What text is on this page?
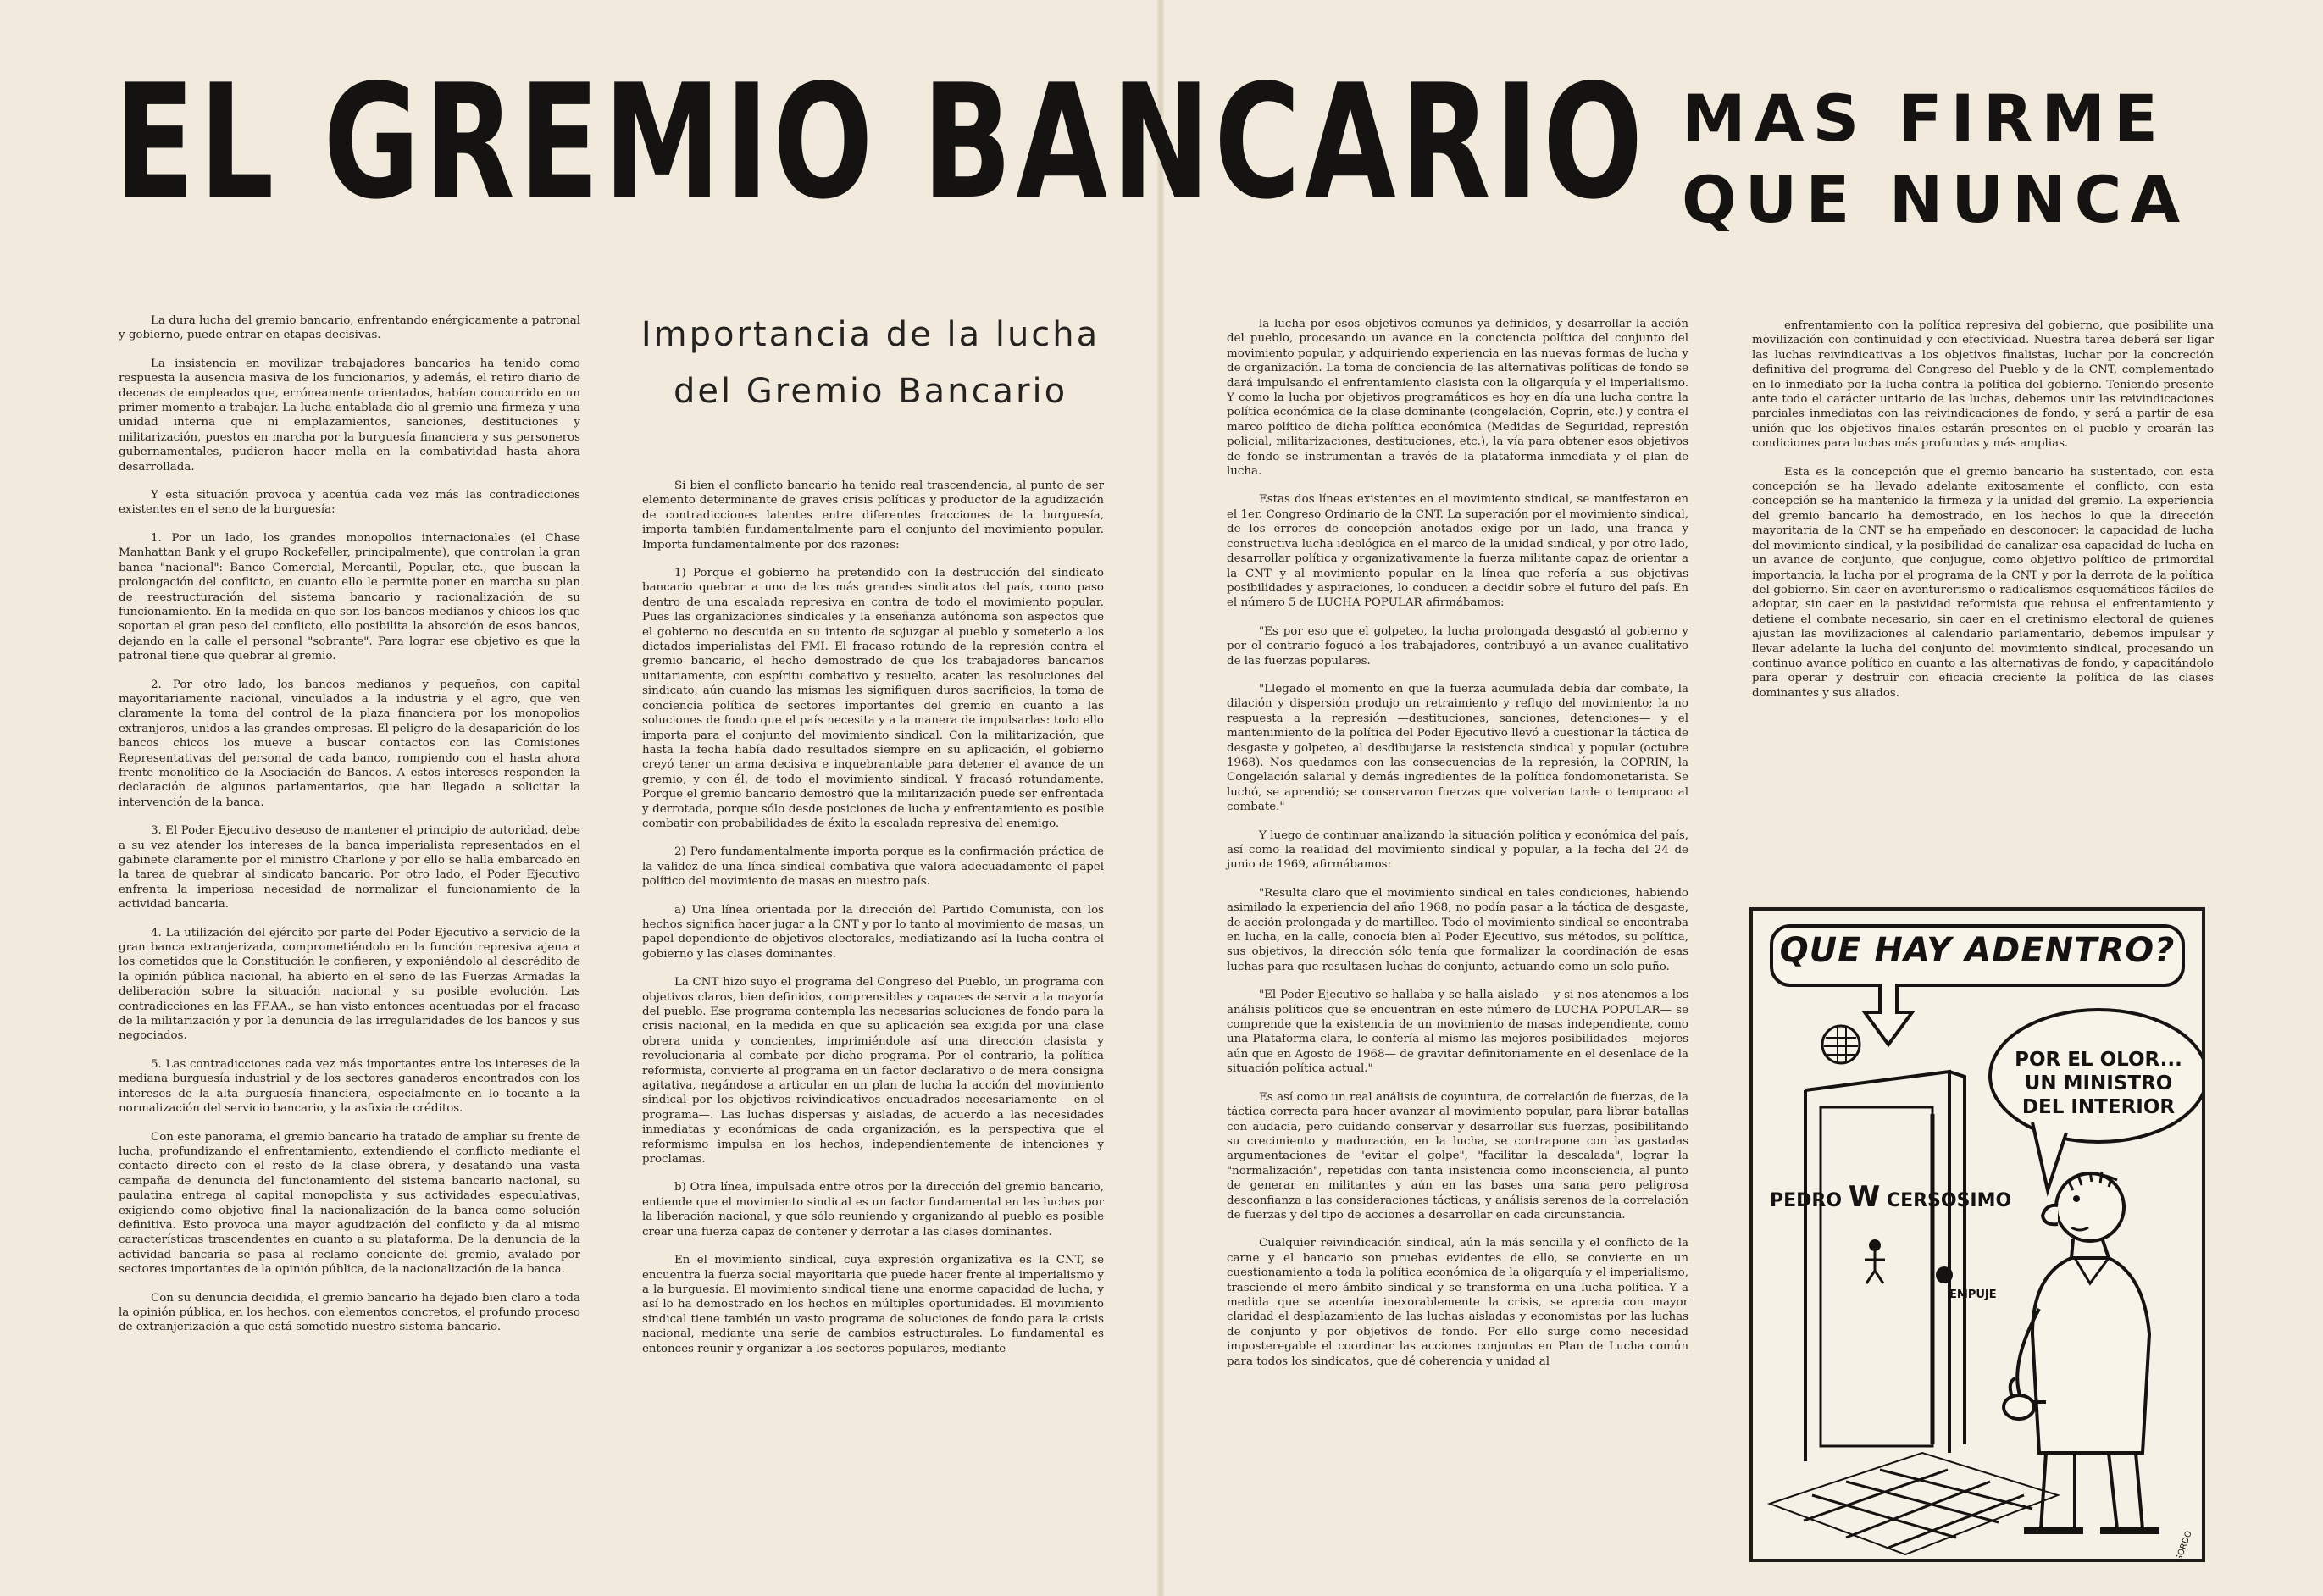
EL GREMIO BANCARIO MAS FIRME
QUE NUNCA

La dura lucha del gremio bancario, enfrentando enérgicamente a patronal y gobierno, puede entrar en etapas decisivas.

La insistencia en movilizar trabajadores bancarios ha tenido como respuesta la ausencia masiva de los funcionarios, y además, el retiro diario de decenas de empleados que, erróneamente orientados, habían concurrido en un primer momento a trabajar. La lucha entablada dio al gremio una firmeza y una unidad interna que ni emplazamientos, sanciones, destituciones y militarización, puestos en marcha por la burguesía financiera y sus personeros gubernamentales, pudieron hacer mella en la combatividad hasta ahora desarrollada.

Y esta situación provoca y acentúa cada vez más las contradicciones existentes en el seno de la burguesía:

1. Por un lado, los grandes monopolios internacionales (el Chase Manhattan Bank y el grupo Rockefeller, principalmente), que controlan la gran banca "nacional": Banco Comercial, Mercantil, Popular, etc., que buscan la prolongación del conflicto, en cuanto ello le permite poner en marcha su plan de reestructuración del sistema bancario y racionalización de su funcionamiento. En la medida en que son los bancos medianos y chicos los que soportan el gran peso del conflicto, ello posibilita la absorción de esos bancos, dejando en la calle el personal "sobrante". Para lograr ese objetivo es que la patronal tiene que quebrar al gremio.

2. Por otro lado, los bancos medianos y pequeños, con capital mayoritariamente nacional, vinculados a la industria y el agro, que ven claramente la toma del control de la plaza financiera por los monopolios extranjeros, unidos a las grandes empresas. El peligro de la desaparición de los bancos chicos los mueve a buscar contactos con las Comisiones Representativas del personal de cada banco, rompiendo con el hasta ahora frente monolítico de la Asociación de Bancos. A estos intereses responden la declaración de algunos parlamentarios, que han llegado a solicitar la intervención de la banca.

3. El Poder Ejecutivo deseoso de mantener el principio de autoridad, debe a su vez atender los intereses de la banca imperialista representados en el gabinete claramente por el ministro Charlone y por ello se halla embarcado en la tarea de quebrar al sindicato bancario. Por otro lado, el Poder Ejecutivo enfrenta la imperiosa necesidad de normalizar el funcionamiento de la actividad bancaria.

4. La utilización del ejército por parte del Poder Ejecutivo a servicio de la gran banca extranjerizada, comprometiéndolo en la función represiva ajena a los cometidos que la Constitución le confieren, y exponiéndolo al descrédito de la opinión pública nacional, ha abierto en el seno de las Fuerzas Armadas la deliberación sobre la situación nacional y su posible evolución. Las contradicciones en las FF.AA., se han visto entonces acentuadas por el fracaso de la militarización y por la denuncia de las irregularidades de los bancos y sus negociados.

5. Las contradicciones cada vez más importantes entre los intereses de la mediana burguesía industrial y de los sectores ganaderos encontrados con los intereses de la alta burguesía financiera, especialmente en lo tocante a la normalización del servicio bancario, y la asfixia de créditos.

Con este panorama, el gremio bancario ha tratado de ampliar su frente de lucha, profundizando el enfrentamiento, extendiendo el conflicto mediante el contacto directo con el resto de la clase obrera, y desatando una vasta campaña de denuncia del funcionamiento del sistema bancario nacional, su paulatina entrega al capital monopolista y sus actividades especulativas, exigiendo como objetivo final la nacionalización de la banca como solución definitiva. Esto provoca una mayor agudización del conflicto y da al mismo características trascendentes en cuanto a su plataforma. De la denuncia de la actividad bancaria se pasa al reclamo conciente del gremio, avalado por sectores importantes de la opinión pública, de la nacionalización de la banca.

Con su denuncia decidida, el gremio bancario ha dejado bien claro a toda la opinión pública, en los hechos, con elementos concretos, el profundo proceso de extranjerización a que está sometido nuestro sistema bancario.

Importancia de la lucha
del Gremio Bancario

Si bien el conflicto bancario ha tenido real trascendencia, al punto de ser elemento determinante de graves crisis políticas y productor de la agudización de contradicciones latentes entre diferentes fracciones de la burguesía, importa también fundamentalmente para el conjunto del movimiento popular. Importa fundamentalmente por dos razones:

1) Porque el gobierno ha pretendido con la destrucción del sindicato bancario quebrar a uno de los más grandes sindicatos del país, como paso dentro de una escalada represiva en contra de todo el movimiento popular. Pues las organizaciones sindicales y la enseñanza autónoma son aspectos que el gobierno no descuida en su intento de sojuzgar al pueblo y someterlo a los dictados imperialistas del FMI. El fracaso rotundo de la represión contra el gremio bancario, el hecho demostrado de que los trabajadores bancarios unitariamente, con espíritu combativo y resuelto, acaten las resoluciones del sindicato, aún cuando las mismas les signifiquen duros sacrificios, la toma de conciencia política de sectores importantes del gremio en cuanto a las soluciones de fondo que el país necesita y a la manera de impulsarlas: todo ello importa para el conjunto del movimiento sindical. Con la militarización, que hasta la fecha había dado resultados siempre en su aplicación, el gobierno creyó tener un arma decisiva e inquebrantable para detener el avance de un gremio, y con él, de todo el movimiento sindical. Y fracasó rotundamente. Porque el gremio bancario demostró que la militarización puede ser enfrentada y derrotada, porque sólo desde posiciones de lucha y enfrentamiento es posible combatir con probabilidades de éxito la escalada represiva del enemigo.

2) Pero fundamentalmente importa porque es la confirmación práctica de la validez de una línea sindical combativa que valora adecuadamente el papel político del movimiento de masas en nuestro país.

a) Una línea orientada por la dirección del Partido Comunista, con los hechos significa hacer jugar a la CNT y por lo tanto al movimiento de masas, un papel dependiente de objetivos electorales, mediatizando así la lucha contra el gobierno y las clases dominantes.

La CNT hizo suyo el programa del Congreso del Pueblo, un programa con objetivos claros, bien definidos, comprensibles y capaces de servir a la mayoría del pueblo. Ese programa contempla las necesarias soluciones de fondo para la crisis nacional, en la medida en que su aplicación sea exigida por una clase obrera unida y concientes, imprimiéndole así una dirección clasista y revolucionaria al combate por dicho programa. Por el contrario, la política reformista, convierte al programa en un factor declarativo o de mera consigna agitativa, negándose a articular en un plan de lucha la acción del movimiento sindical por los objetivos reivindicativos encuadrados necesariamente —en el programa—. Las luchas dispersas y aisladas, de acuerdo a las necesidades inmediatas y económicas de cada organización, es la perspectiva que el reformismo impulsa en los hechos, independientemente de intenciones y proclamas.

b) Otra línea, impulsada entre otros por la dirección del gremio bancario, entiende que el movimiento sindical es un factor fundamental en las luchas por la liberación nacional, y que sólo reuniendo y organizando al pueblo es posible crear una fuerza capaz de contener y derrotar a las clases dominantes.

En el movimiento sindical, cuya expresión organizativa es la CNT, se encuentra la fuerza social mayoritaria que puede hacer frente al imperialismo y a la burguesía. El movimiento sindical tiene una enorme capacidad de lucha, y así lo ha demostrado en los hechos en múltiples oportunidades. El movimiento sindical tiene también un vasto programa de soluciones de fondo para la crisis nacional, mediante una serie de cambios estructurales. Lo fundamental es entonces reunir y organizar a los sectores populares, mediante

la lucha por esos objetivos comunes ya definidos, y desarrollar la acción del pueblo, procesando un avance en la conciencia política del conjunto del movimiento popular, y adquiriendo experiencia en las nuevas formas de lucha y de organización. La toma de conciencia de las alternativas políticas de fondo se dará impulsando el enfrentamiento clasista con la oligarquía y el imperialismo. Y como la lucha por objetivos programáticos es hoy en día una lucha contra la política económica de la clase dominante (congelación, Coprin, etc.) y contra el marco político de dicha política económica (Medidas de Seguridad, represión policial, militarizaciones, destituciones, etc.), la vía para obtener esos objetivos de fondo se instrumentan a través de la plataforma inmediata y el plan de lucha.

Estas dos líneas existentes en el movimiento sindical, se manifestaron en el 1er. Congreso Ordinario de la CNT. La superación por el movimiento sindical, de los errores de concepción anotados exige por un lado, una franca y constructiva lucha ideológica en el marco de la unidad sindical, y por otro lado, desarrollar política y organizativamente la fuerza militante capaz de orientar a la CNT y al movimiento popular en la línea que refería a sus objetivas posibilidades y aspiraciones, lo conducen a decidir sobre el futuro del país. En el número 5 de LUCHA POPULAR afirmábamos:

"Es por eso que el golpeteo, la lucha prolongada desgastó al gobierno y por el contrario fogueó a los trabajadores, contribuyó a un avance cualitativo de las fuerzas populares.

"Llegado el momento en que la fuerza acumulada debía dar combate, la dilación y dispersión produjo un retraimiento y reflujo del movimiento; la no respuesta a la represión —destituciones, sanciones, detenciones— y el mantenimiento de la política del Poder Ejecutivo llevó a cuestionar la táctica de desgaste y golpeteo, al desdibujarse la resistencia sindical y popular (octubre 1968). Nos quedamos con las consecuencias de la represión, la COPRIN, la Congelación salarial y demás ingredientes de la política fondomonetarista. Se luchó, se aprendió; se conservaron fuerzas que volverían tarde o temprano al combate."

Y luego de continuar analizando la situación política y económica del país, así como la realidad del movimiento sindical y popular, a la fecha del 24 de junio de 1969, afirmábamos:

"Resulta claro que el movimiento sindical en tales condiciones, habiendo asimilado la experiencia del año 1968, no podía pasar a la táctica de desgaste, de acción prolongada y de martilleo. Todo el movimiento sindical se encontraba en lucha, en la calle, conocía bien al Poder Ejecutivo, sus métodos, su política, sus objetivos, la dirección sólo tenía que formalizar la coordinación de esas luchas para que resultasen luchas de conjunto, actuando como un solo puño.

"El Poder Ejecutivo se hallaba y se halla aislado —y si nos atenemos a los análisis políticos que se encuentran en este número de LUCHA POPULAR— se comprende que la existencia de un movimiento de masas independiente, como una Plataforma clara, le confería al mismo las mejores posibilidades —mejores aún que en Agosto de 1968— de gravitar definitoriamente en el desenlace de la situación política actual."

Es así como un real análisis de coyuntura, de correlación de fuerzas, de la táctica correcta para hacer avanzar al movimiento popular, para librar batallas con audacia, pero cuidando conservar y desarrollar sus fuerzas, posibilitando su crecimiento y maduración, en la lucha, se contrapone con las gastadas argumentaciones de "evitar el golpe", "facilitar la descalada", lograr la "normalización", repetidas con tanta insistencia como inconsciencia, al punto de generar en militantes y aún en las bases una sana pero peligrosa desconfianza a las consideraciones tácticas, y análisis serenos de la correlación de fuerzas y del tipo de acciones a desarrollar en cada circunstancia.

Cualquier reivindicación sindical, aún la más sencilla y el conflicto de la carne y el bancario son pruebas evidentes de ello, se convierte en un cuestionamiento a toda la política económica de la oligarquía y el imperialismo, trasciende el mero ámbito sindical y se transforma en una lucha política. Y a medida que se acentúa inexorablemente la crisis, se aprecia con mayor claridad el desplazamiento de las luchas aisladas y economistas por las luchas de conjunto y por objetivos de fondo. Por ello surge como necesidad imposteregable el coordinar las acciones conjuntas en Plan de Lucha común para todos los sindicatos, que dé coherencia y unidad al

enfrentamiento con la política represiva del gobierno, que posibilite una movilización con continuidad y con efectividad. Nuestra tarea deberá ser ligar las luchas reivindicativas a los objetivos finalistas, luchar por la concreción definitiva del programa del Congreso del Pueblo y de la CNT, complementado en lo inmediato por la lucha contra la política del gobierno. Teniendo presente ante todo el carácter unitario de las luchas, debemos unir las reivindicaciones parciales inmediatas con las reivindicaciones de fondo, y será a partir de esa unión que los objetivos finales estarán presentes en el pueblo y crearán las condiciones para luchas más profundas y más amplias.

Esta es la concepción que el gremio bancario ha sustentado, con esta concepción se ha llevado adelante exitosamente el conflicto, con esta concepción se ha mantenido la firmeza y la unidad del gremio. La experiencia del gremio bancario ha demostrado, en los hechos lo que la dirección mayoritaria de la CNT se ha empeñado en desconocer: la capacidad de lucha del movimiento sindical, y la posibilidad de canalizar esa capacidad de lucha en un avance de conjunto, que conjugue, como objetivo político de primordial importancia, la lucha por el programa de la CNT y por la derrota de la política del gobierno. Sin caer en aventurerismo o radicalismos esquemáticos fáciles de adoptar, sin caer en la pasividad reformista que rehusa el enfrentamiento y detiene el combate necesario, sin caer en el cretinismo electoral de quienes ajustan las movilizaciones al calendario parlamentario, debemos impulsar y llevar adelante la lucha del conjunto del movimiento sindical, procesando un continuo avance político en cuanto a las alternativas de fondo, y capacitándolo para operar y destruir con eficacia creciente la política de las clases dominantes y sus aliados.

QUE HAY ADENTRO?
POR EL OLOR...
UN MINISTRO
DEL INTERIOR
PEDRO W CERSÓSIMO
EMPUJE
GORDO
